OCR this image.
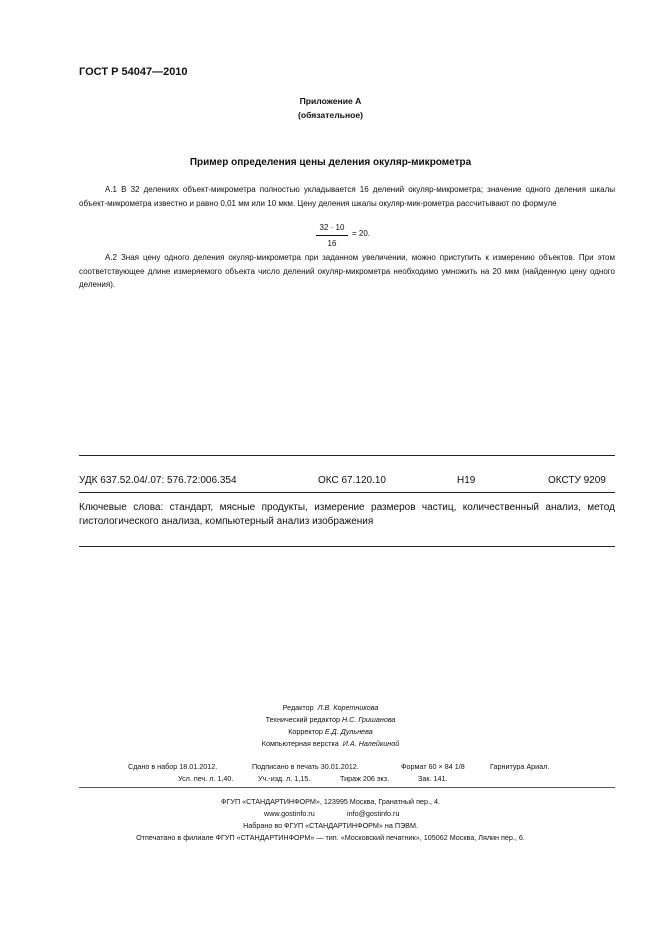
ГОСТ Р 54047—2010
Приложение А
(обязательное)
Пример определения цены деления окуляр-микрометра
А.1 В 32 делениях объект-микрометра полностью укладывается 16 делений окуляр-микрометра; значение одного деления шкалы объект-микрометра известно и равно 0,01 мм или 10 мкм. Цену деления шкалы окуляр-мик-рометра рассчитывают по формуле
32 · 10
16
= 20.
А.2 Зная цену одного деления окуляр-микрометра при заданном увеличении, можно приступить к измерению объектов. При этом соответствующее длине измеряемого объекта число делений окуляр-микрометра необходимо умножить на 20 мкм (найденную цену одного деления).
УДК 637.52.04/.07: 576.72:006.354	ОКС 67.120.10	Н19	ОКСТУ 9209
Ключевые слова: стандарт, мясные продукты, измерение размеров частиц, количественный анализ, метод гистологического анализа, компьютерный анализ изображения
Редактор Л.В. Коретникова
Технический редактор Н.С. Гришанова
Корректор Е.Д. Дульнева
Компьютерная верстка И.А. Налейкиной
Сдано в набор 18.01.2012.	Подписано в печать 30.01.2012.	Формат 60 × 84 1/8	Гарнитура Ариал.
Усл. печ. л. 1,40.	Уч.-изд. л. 1,15.	Тираж 206 экз.	Зак. 141.
ФГУП «СТАНДАРТИНФОРМ», 123995 Москва, Гранатный пер., 4.
www.gostinfo.ru	info@gostinfo.ru
Набрано во ФГУП «СТАНДАРТИНФОРМ» на ПЭВМ.
Отпечатано в филиале ФГУП «СТАНДАРТИНФОРМ» — тип. «Московский печатник», 105062 Москва, Лялин пер., 6.
